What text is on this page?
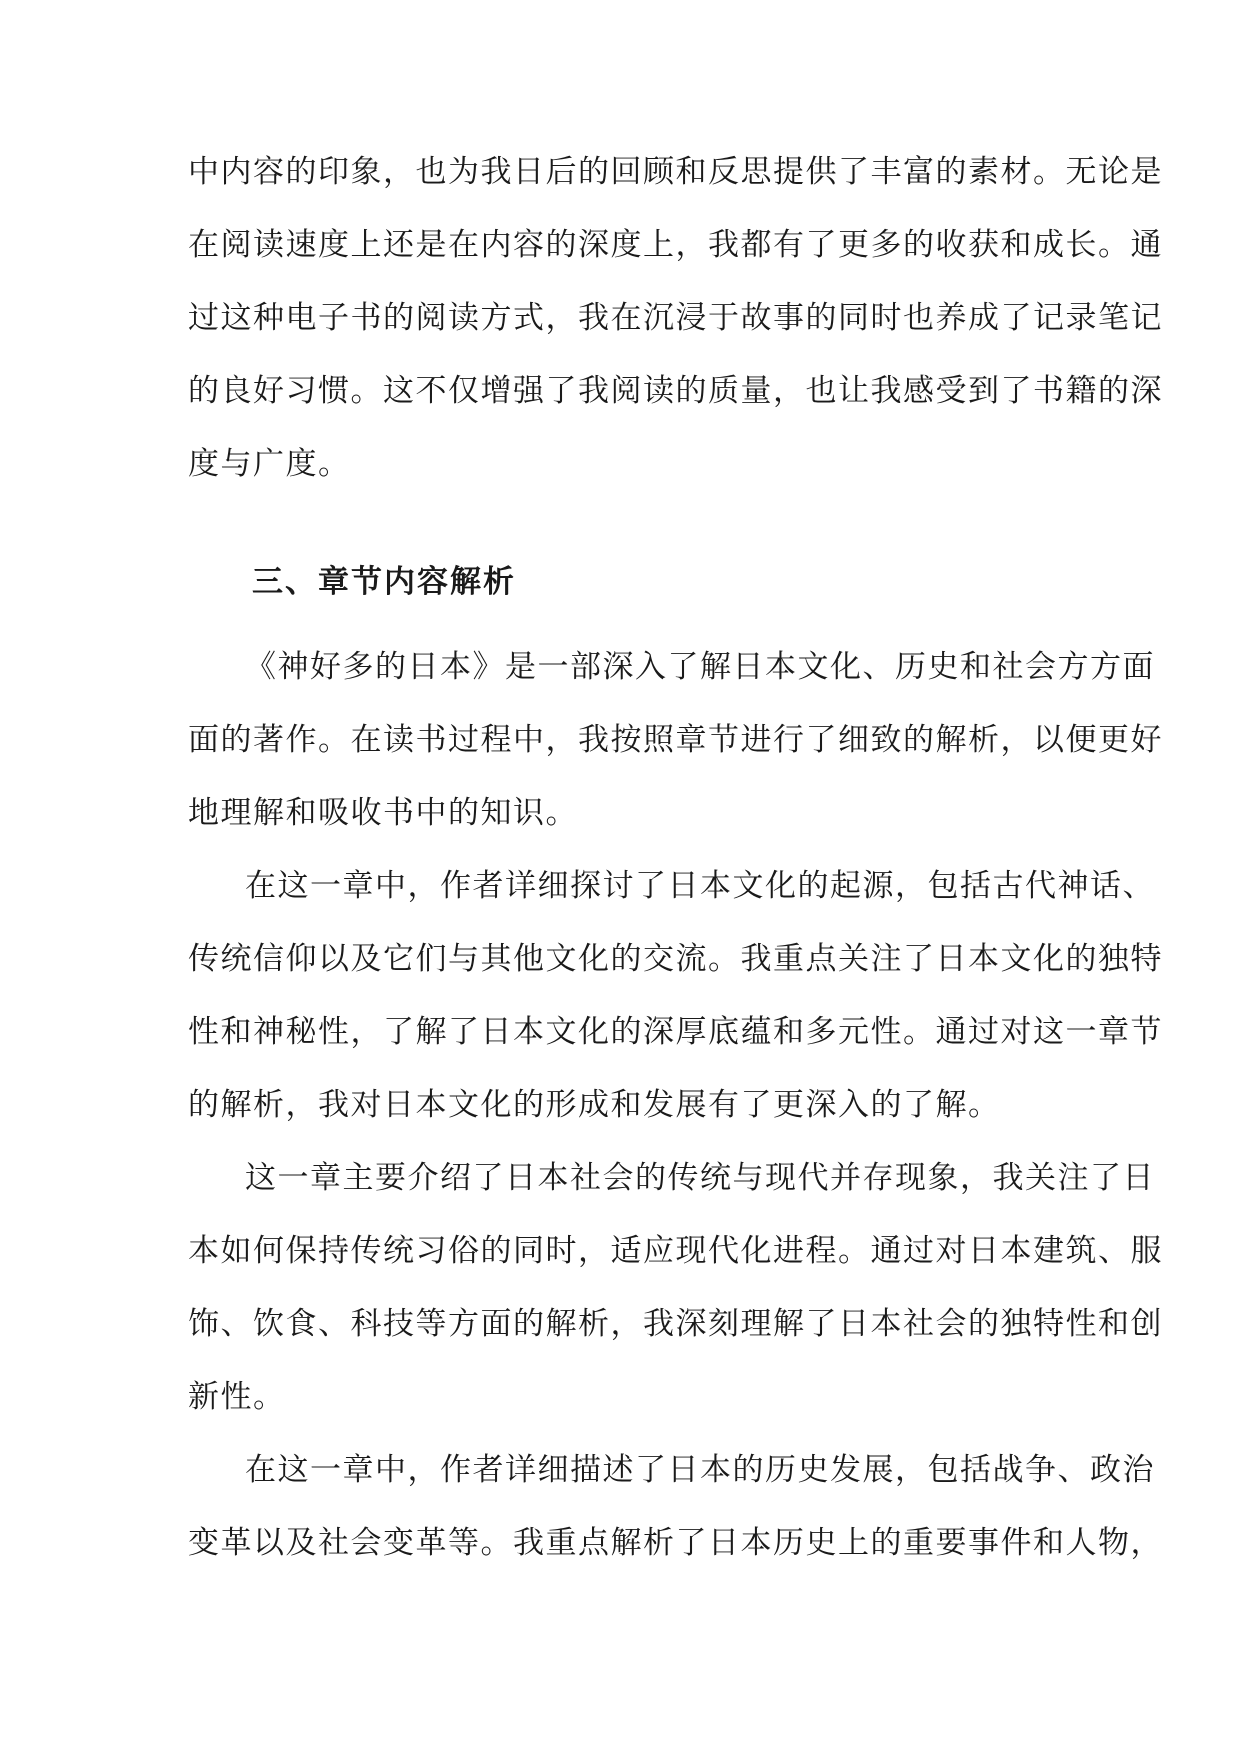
中内容的印象，也为我日后的回顾和反思提供了丰富的素材。无论是
在阅读速度上还是在内容的深度上，我都有了更多的收获和成长。通
过这种电子书的阅读方式，我在沉浸于故事的同时也养成了记录笔记
的良好习惯。这不仅增强了我阅读的质量，也让我感受到了书籍的深
度与广度。
三、章节内容解析
《神好多的日本》是一部深入了解日本文化、历史和社会方方面
面的著作。在读书过程中，我按照章节进行了细致的解析，以便更好
地理解和吸收书中的知识。
在这一章中，作者详细探讨了日本文化的起源，包括古代神话、
传统信仰以及它们与其他文化的交流。我重点关注了日本文化的独特
性和神秘性，了解了日本文化的深厚底蕴和多元性。通过对这一章节
的解析，我对日本文化的形成和发展有了更深入的了解。
这一章主要介绍了日本社会的传统与现代并存现象，我关注了日
本如何保持传统习俗的同时，适应现代化进程。通过对日本建筑、服
饰、饮食、科技等方面的解析，我深刻理解了日本社会的独特性和创
新性。
在这一章中，作者详细描述了日本的历史发展，包括战争、政治
变革以及社会变革等。我重点解析了日本历史上的重要事件和人物，
